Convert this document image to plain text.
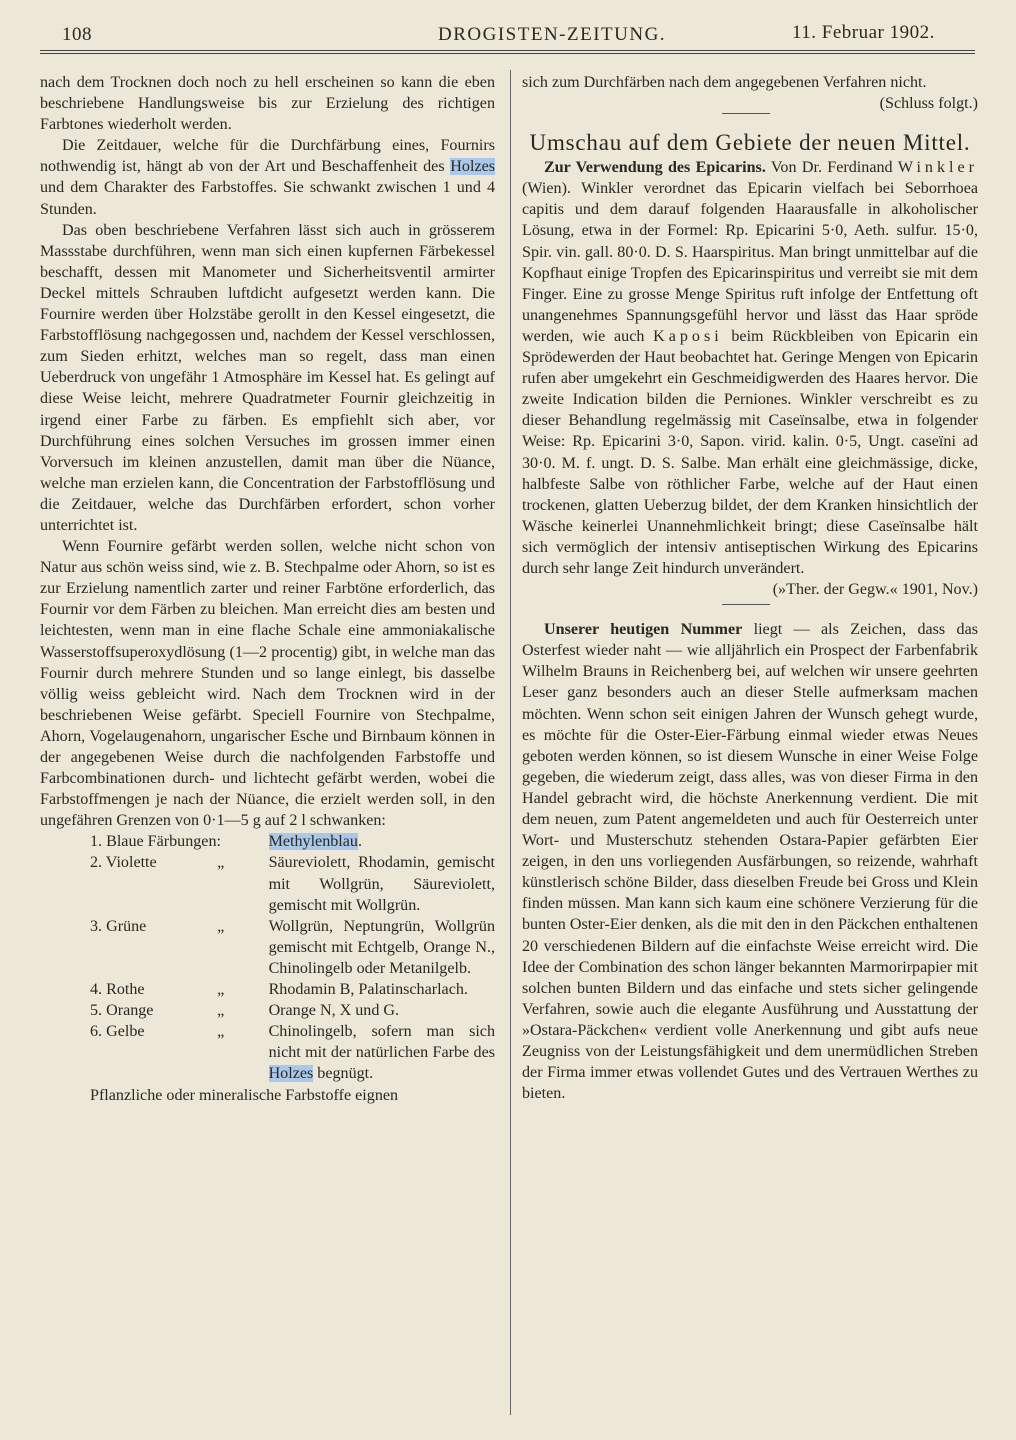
108	DROGISTEN-ZEITUNG.	11. Februar 1902.

nach dem Trocknen doch noch zu hell erscheinen so kann die eben beschriebene Handlungsweise bis zur Erzielung des richtigen Farbtones wiederholt werden.

Die Zeitdauer, welche für die Durchfärbung eines, Fournirs nothwendig ist, hängt ab von der Art und Beschaffenheit des Holzes und dem Charakter des Farbstoffes. Sie schwankt zwischen 1 und 4 Stunden.

Das oben beschriebene Verfahren lässt sich auch in grösserem Massstabe durchführen, wenn man sich einen kupfernen Färbekessel beschafft, dessen mit Manometer und Sicherheitsventil armirter Deckel mittels Schrauben luftdicht aufgesetzt werden kann. Die Fournire werden über Holzstäbe gerollt in den Kessel eingesetzt, die Farbstofflösung nachgegossen und, nachdem der Kessel verschlossen, zum Sieden erhitzt, welches man so regelt, dass man einen Ueberdruck von ungefähr 1 Atmosphäre im Kessel hat. Es gelingt auf diese Weise leicht, mehrere Quadratmeter Fournir gleichzeitig in irgend einer Farbe zu färben. Es empfiehlt sich aber, vor Durchführung eines solchen Versuches im grossen immer einen Vorversuch im kleinen anzustellen, damit man über die Nüance, welche man erzielen kann, die Concentration der Farbstofflösung und die Zeitdauer, welche das Durchfärben erfordert, schon vorher unterrichtet ist.

Wenn Fournire gefärbt werden sollen, welche nicht schon von Natur aus schön weiss sind, wie z. B. Stechpalme oder Ahorn, so ist es zur Erzielung namentlich zarter und reiner Farbtöne erforderlich, das Fournir vor dem Färben zu bleichen. Man erreicht dies am besten und leichtesten, wenn man in eine flache Schale eine ammoniakalische Wasserstoffsuperoxydlösung (1—2 procentig) gibt, in welche man das Fournir durch mehrere Stunden und so lange einlegt, bis dasselbe völlig weiss gebleicht wird. Nach dem Trocknen wird in der beschriebenen Weise gefärbt. Speciell Fournire von Stechpalme, Ahorn, Vogelaugenahorn, ungarischer Esche und Birnbaum können in der angegebenen Weise durch die nachfolgenden Farbstoffe und Farbcombinationen durch- und lichtecht gefärbt werden, wobei die Farbstoffmengen je nach der Nüance, die erzielt werden soll, in den ungefähren Grenzen von 0·1—5 g auf 2 l schwanken:

1. Blaue Färbungen:		Methylenblau.
2. Violette	„	Säureviolett, Rhodamin, gemischt mit Wollgrün, Säureviolett, gemischt mit Wollgrün.
3. Grüne	„	Wollgrün, Neptungrün, Wollgrün gemischt mit Echtgelb, Orange N., Chinolingelb oder Metanilgelb.
4. Rothe	„	Rhodamin B, Palatinscharlach.
5. Orange	„	Orange N, X und G.
6. Gelbe	„	Chinolingelb, sofern man sich nicht mit der natürlichen Farbe des Holzes begnügt.

Pflanzliche oder mineralische Farbstoffe eignen

sich zum Durchfärben nach dem angegebenen Verfahren nicht.

(Schluss folgt.)

Umschau auf dem Gebiete der neuen Mittel.

Zur Verwendung des Epicarins. Von Dr. Ferdinand Winkler (Wien). Winkler verordnet das Epicarin vielfach bei Seborrhoea capitis und dem darauf folgenden Haarausfalle in alkoholischer Lösung, etwa in der Formel: Rp. Epicarini 5·0, Aeth. sulfur. 15·0, Spir. vin. gall. 80·0. D. S. Haarspiritus. Man bringt unmittelbar auf die Kopfhaut einige Tropfen des Epicarinspiritus und verreibt sie mit dem Finger. Eine zu grosse Menge Spiritus ruft infolge der Entfettung oft unangenehmes Spannungsgefühl hervor und lässt das Haar spröde werden, wie auch Kaposi beim Rückbleiben von Epicarin ein Sprödewerden der Haut beobachtet hat. Geringe Mengen von Epicarin rufen aber umgekehrt ein Geschmeidigwerden des Haares hervor. Die zweite Indication bilden die Perniones. Winkler verschreibt es zu dieser Behandlung regelmässig mit Caseïnsalbe, etwa in folgender Weise: Rp. Epicarini 3·0, Sapon. virid. kalin. 0·5, Ungt. caseïni ad 30·0. M. f. ungt. D. S. Salbe. Man erhält eine gleichmässige, dicke, halbfeste Salbe von röthlicher Farbe, welche auf der Haut einen trockenen, glatten Ueberzug bildet, der dem Kranken hinsichtlich der Wäsche keinerlei Unannehmlichkeit bringt; diese Caseïnsalbe hält sich vermöglich der intensiv antiseptischen Wirkung des Epicarins durch sehr lange Zeit hindurch unverändert.

(»Ther. der Gegw.« 1901, Nov.)

Unserer heutigen Nummer liegt — als Zeichen, dass das Osterfest wieder naht — wie alljährlich ein Prospect der Farbenfabrik Wilhelm Brauns in Reichenberg bei, auf welchen wir unsere geehrten Leser ganz besonders auch an dieser Stelle aufmerksam machen möchten. Wenn schon seit einigen Jahren der Wunsch gehegt wurde, es möchte für die Oster-Eier-Färbung einmal wieder etwas Neues geboten werden können, so ist diesem Wunsche in einer Weise Folge gegeben, die wiederum zeigt, dass alles, was von dieser Firma in den Handel gebracht wird, die höchste Anerkennung verdient. Die mit dem neuen, zum Patent angemeldeten und auch für Oesterreich unter Wort- und Musterschutz stehenden Ostara-Papier gefärbten Eier zeigen, in den uns vorliegenden Ausfärbungen, so reizende, wahrhaft künstlerisch schöne Bilder, dass dieselben Freude bei Gross und Klein finden müssen. Man kann sich kaum eine schönere Verzierung für die bunten Oster-Eier denken, als die mit den in den Päckchen enthaltenen 20 verschiedenen Bildern auf die einfachste Weise erreicht wird. Die Idee der Combination des schon länger bekannten Marmorirpapier mit solchen bunten Bildern und das einfache und stets sicher gelingende Verfahren, sowie auch die elegante Ausführung und Ausstattung der »Ostara-Päckchen« verdient volle Anerkennung und gibt aufs neue Zeugniss von der Leistungsfähigkeit und dem unermüdlichen Streben der Firma immer etwas vollendet Gutes und des Vertrauen Werthes zu bieten.
